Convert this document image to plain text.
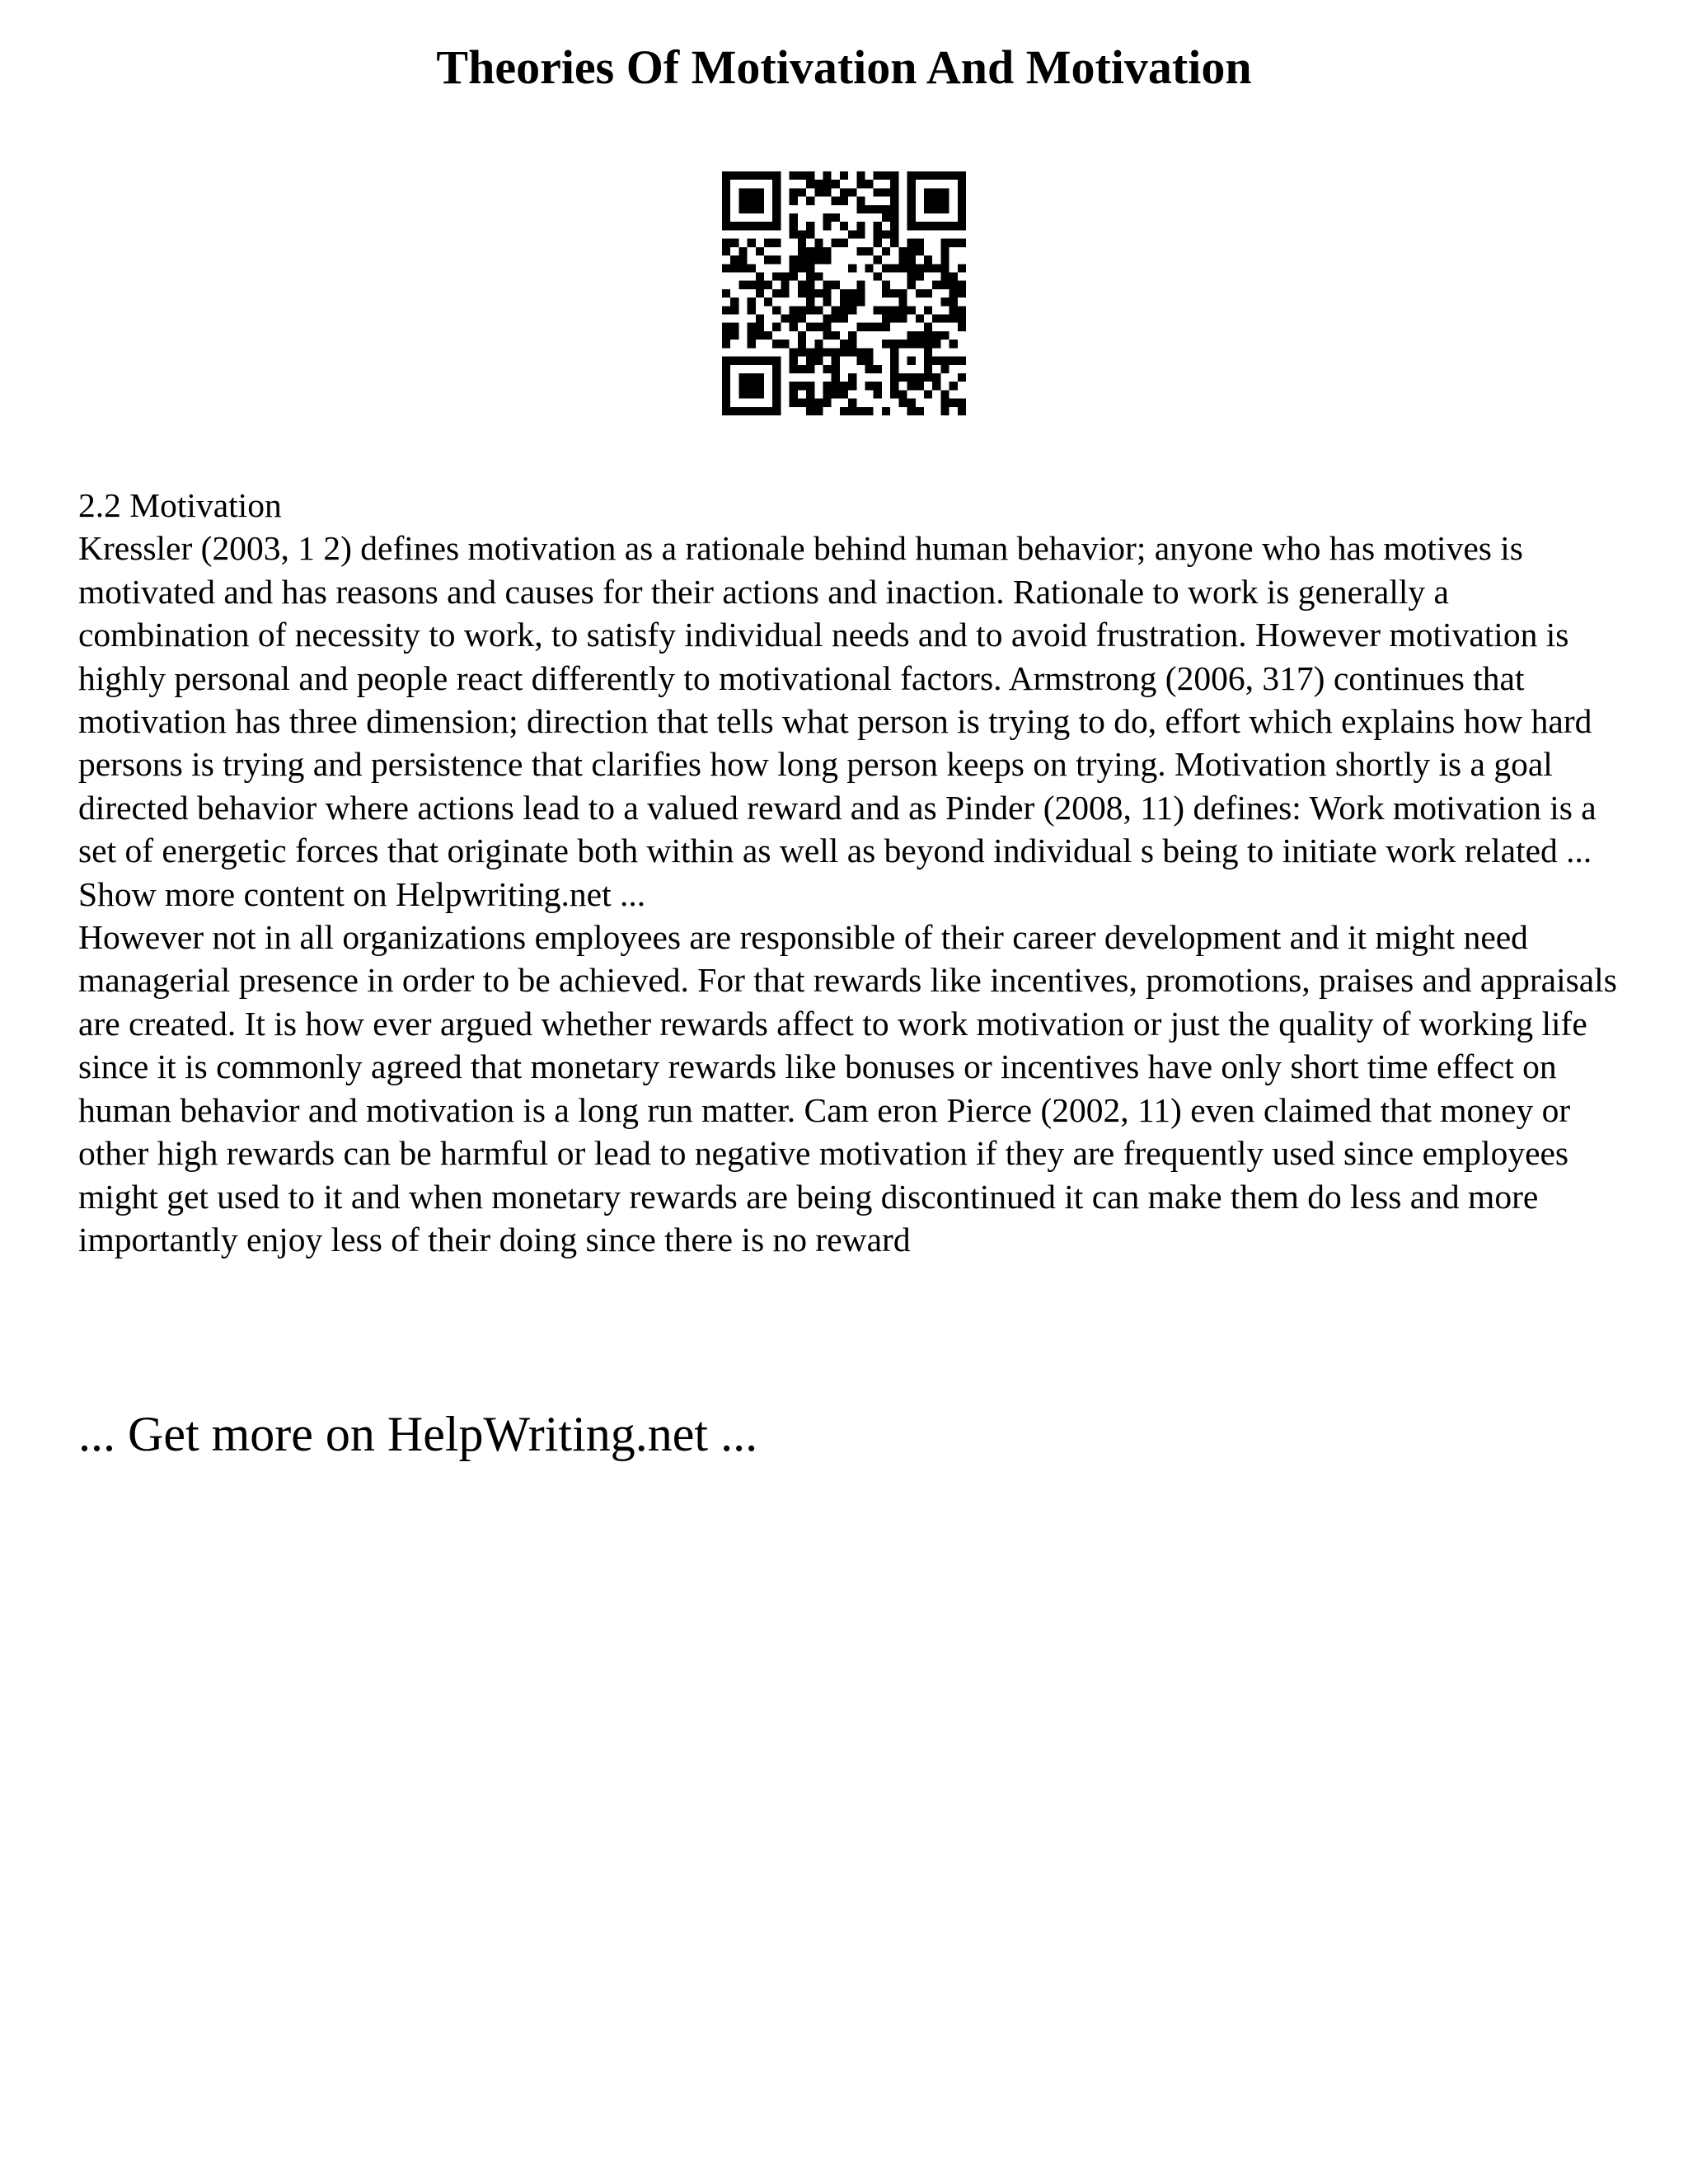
Theories Of Motivation And Motivation

2.2 Motivation

Kressler (2003, 1 2) defines motivation as a rationale behind human behavior; anyone who has motives is motivated and has reasons and causes for their actions and inaction. Rationale to work is generally a combination of necessity to work, to satisfy individual needs and to avoid frustration. However motivation is highly personal and people react differently to motivational factors. Armstrong (2006, 317) continues that motivation has three dimension; direction that tells what person is trying to do, effort which explains how hard persons is trying and persistence that clarifies how long person keeps on trying. Motivation shortly is a goal directed behavior where actions lead to a valued reward and as Pinder (2008, 11) defines: Work motivation is a set of energetic forces that originate both within as well as beyond individual s being to initiate work related ... Show more content on Helpwriting.net ...

However not in all organizations employees are responsible of their career development and it might need managerial presence in order to be achieved. For that rewards like incentives, promotions, praises and appraisals are created. It is how ever argued whether rewards affect to work motivation or just the quality of working life since it is commonly agreed that monetary rewards like bonuses or incentives have only short time effect on human behavior and motivation is a long run matter. Cam eron Pierce (2002, 11) even claimed that money or other high rewards can be harmful or lead to negative motivation if they are frequently used since employees might get used to it and when monetary rewards are being discontinued it can make them do less and more importantly enjoy less of their doing since there is no reward

... Get more on HelpWriting.net ...
